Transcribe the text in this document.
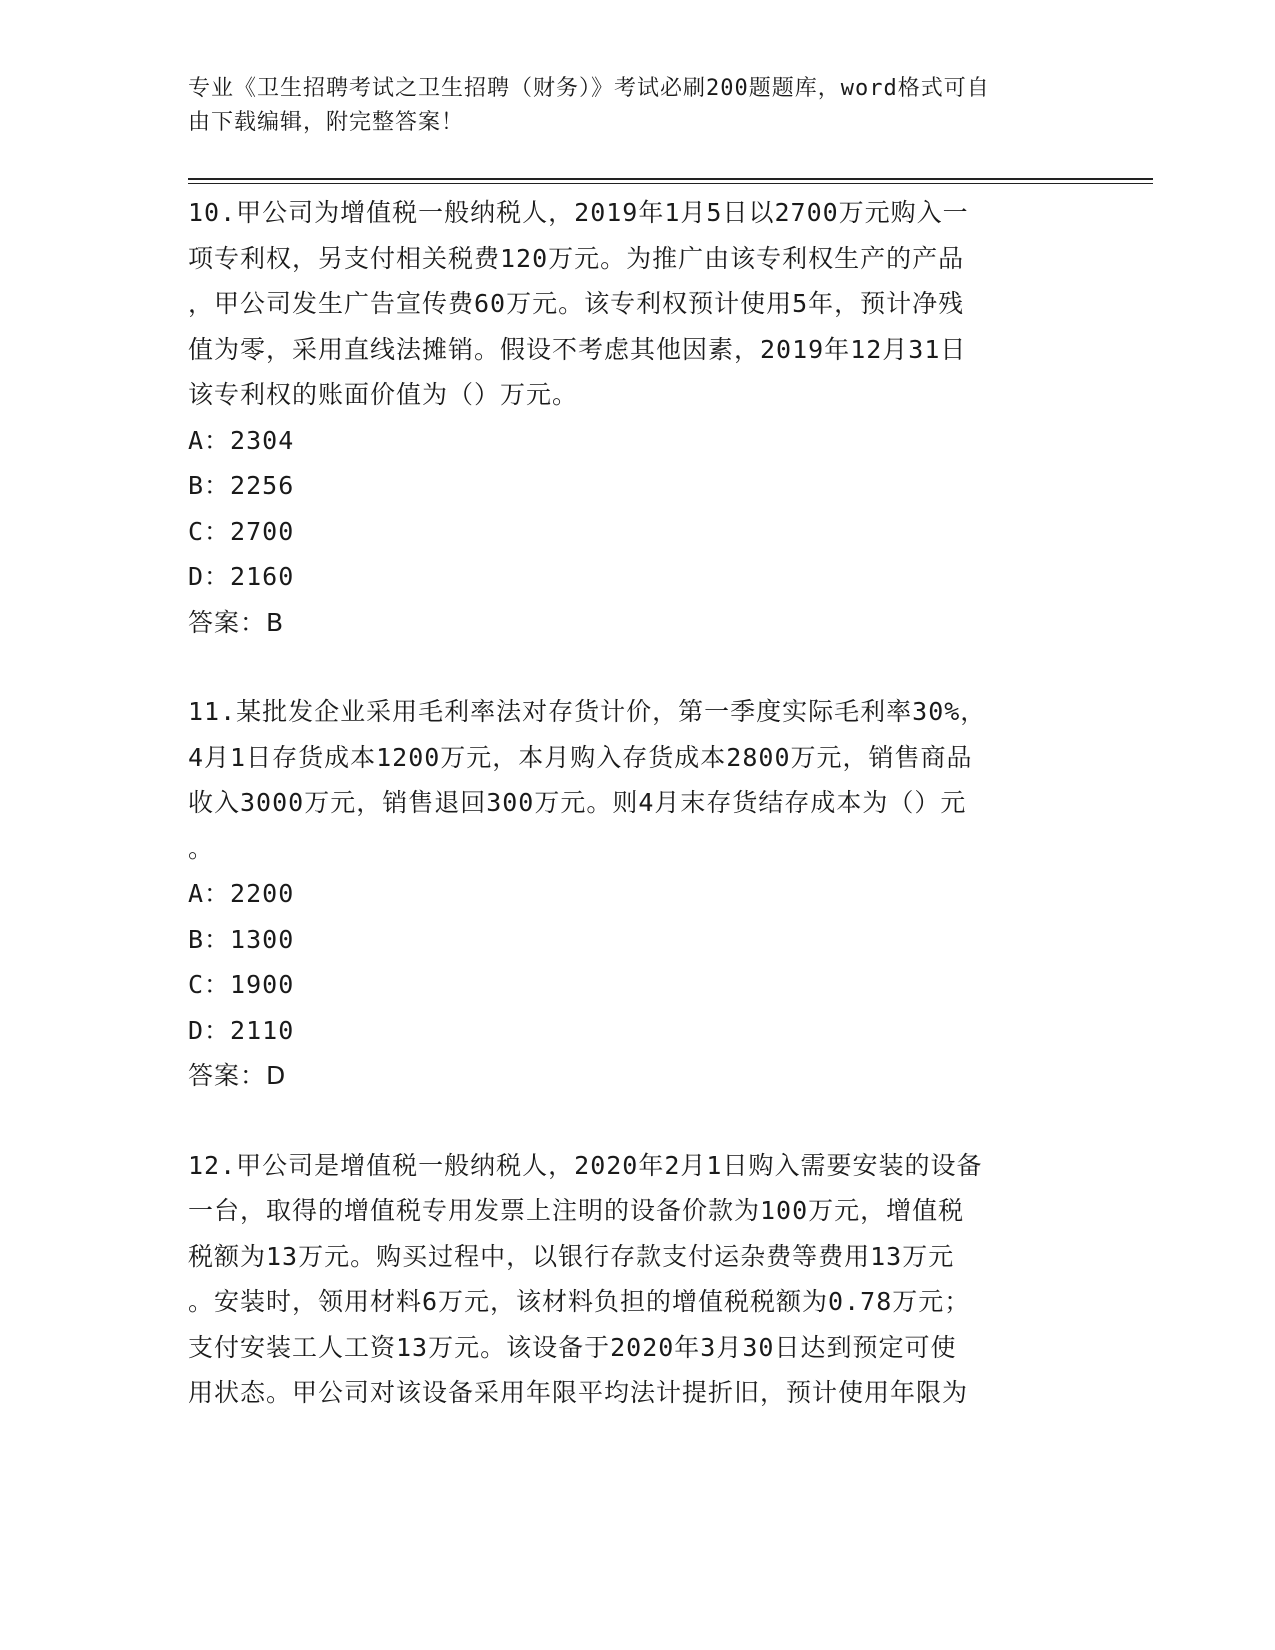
专业《卫生招聘考试之卫生招聘（财务）》考试必刷200题题库，word格式可自
由下载编辑，附完整答案！
10.甲公司为增值税一般纳税人，2019年1月5日以2700万元购入一
项专利权，另支付相关税费120万元。为推广由该专利权生产的产品
，甲公司发生广告宣传费60万元。该专利权预计使用5年，预计净残
值为零，采用直线法摊销。假设不考虑其他因素，2019年12月31日
该专利权的账面价值为（）万元。
A：2304
B：2256
C：2700
D：2160
答案：B
11.某批发企业采用毛利率法对存货计价，第一季度实际毛利率30%，
4月1日存货成本1200万元，本月购入存货成本2800万元，销售商品
收入3000万元，销售退回300万元。则4月末存货结存成本为（）元
。
A：2200
B：1300
C：1900
D：2110
答案：D
12.甲公司是增值税一般纳税人，2020年2月1日购入需要安装的设备
一台，取得的增值税专用发票上注明的设备价款为100万元，增值税
税额为13万元。购买过程中，以银行存款支付运杂费等费用13万元
。安装时，领用材料6万元，该材料负担的增值税税额为0.78万元；
支付安装工人工资13万元。该设备于2020年3月30日达到预定可使
用状态。甲公司对该设备采用年限平均法计提折旧，预计使用年限为
